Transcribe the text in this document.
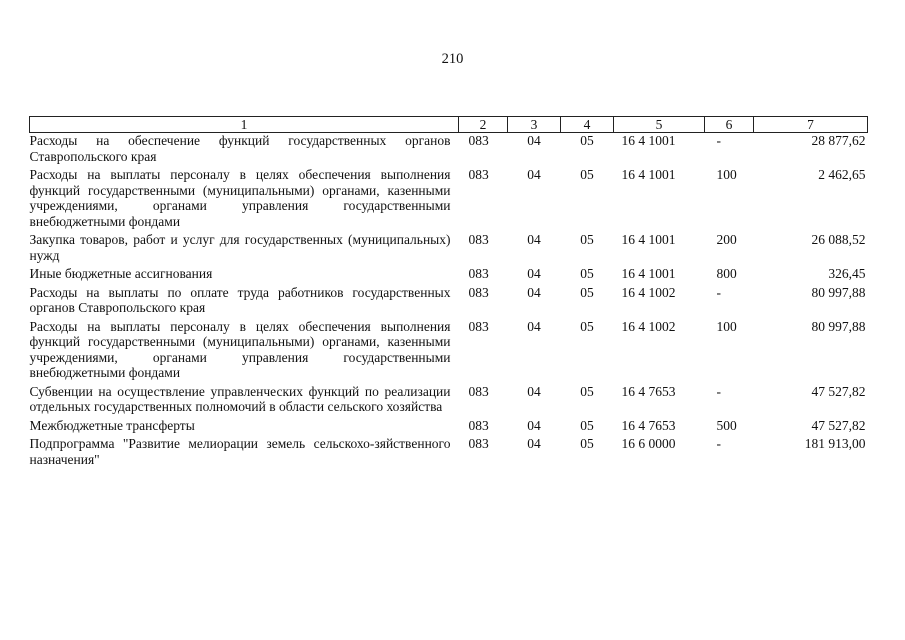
210
1	2	3	4	5	6	7
Расходы на обеспечение функций государственных органов Ставропольского края	083	04	05	16 4 1001	-	28 877,62
Расходы на выплаты персоналу в целях обеспечения выполнения функций государственными (муниципальными) органами, казенными учреждениями, органами управления государственными внебюджетными фондами	083	04	05	16 4 1001	100	2 462,65
Закупка товаров, работ и услуг для государственных (муниципальных) нужд	083	04	05	16 4 1001	200	26 088,52
Иные бюджетные ассигнования	083	04	05	16 4 1001	800	326,45
Расходы на выплаты по оплате труда работников государственных органов Ставропольского края	083	04	05	16 4 1002	-	80 997,88
Расходы на выплаты персоналу в целях обеспечения выполнения функций государственными (муниципальными) органами, казенными учреждениями, органами управления государственными внебюджетными фондами	083	04	05	16 4 1002	100	80 997,88
Субвенции на осуществление управленческих функций по реализации отдельных государственных полномочий в области сельского хозяйства	083	04	05	16 4 7653	-	47 527,82
Межбюджетные трансферты	083	04	05	16 4 7653	500	47 527,82
Подпрограмма "Развитие мелиорации земель сельскохо-зяйственного назначения"	083	04	05	16 6 0000	-	181 913,00
